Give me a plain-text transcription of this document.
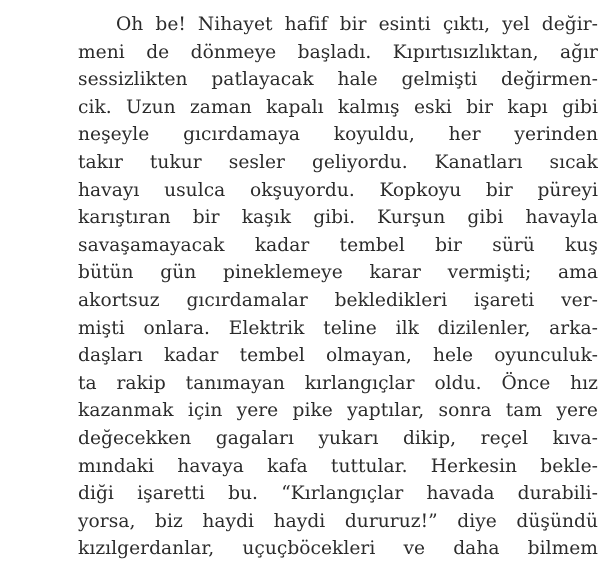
Oh be! Nihayet hafif bir esinti çıktı, yel değir-
meni de dönmeye başladı. Kıpırtısızlıktan, ağır
sessizlikten patlayacak hale gelmişti değirmen-
cik. Uzun zaman kapalı kalmış eski bir kapı gibi
neşeyle gıcırdamaya koyuldu, her yerinden
takır tukur sesler geliyordu. Kanatları sıcak
havayı usulca okşuyordu. Kopkoyu bir püreyi
karıştıran bir kaşık gibi. Kurşun gibi havayla
savaşamayacak kadar tembel bir sürü kuş
bütün gün pineklemeye karar vermişti; ama
akortsuz gıcırdamalar bekledikleri işareti ver-
mişti onlara. Elektrik teline ilk dizilenler, arka-
daşları kadar tembel olmayan, hele oyunculuk-
ta rakip tanımayan kırlangıçlar oldu. Önce hız
kazanmak için yere pike yaptılar, sonra tam yere
değecekken gagaları yukarı dikip, reçel kıva-
mındaki havaya kafa tuttular. Herkesin bekle-
diği işaretti bu. “Kırlangıçlar havada durabili-
yorsa, biz haydi haydi dururuz!” diye düşündü
kızılgerdanlar, uçuçböcekleri ve daha bilmem
